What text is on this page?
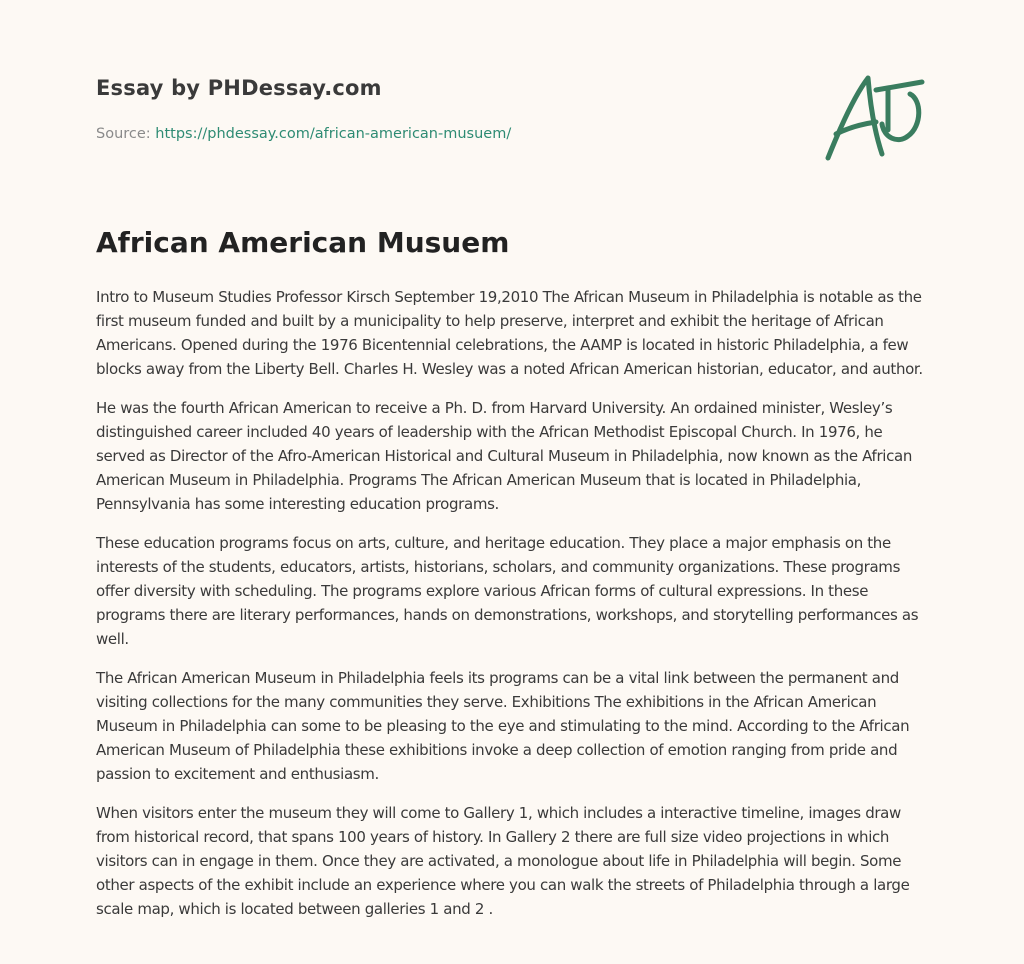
Essay by PHDessay.com
Source: https://phdessay.com/african-american-musuem/
African American Musuem

Intro to Museum Studies Professor Kirsch September 19,2010 The African Museum in Philadelphia is notable as the first museum funded and built by a municipality to help preserve, interpret and exhibit the heritage of African Americans. Opened during the 1976 Bicentennial celebrations, the AAMP is located in historic Philadelphia, a few blocks away from the Liberty Bell. Charles H. Wesley was a noted African American historian, educator, and author.

He was the fourth African American to receive a Ph. D. from Harvard University. An ordained minister, Wesley’s distinguished career included 40 years of leadership with the African Methodist Episcopal Church. In 1976, he served as Director of the Afro-American Historical and Cultural Museum in Philadelphia, now known as the African American Museum in Philadelphia. Programs The African American Museum that is located in Philadelphia, Pennsylvania has some interesting education programs.

These education programs focus on arts, culture, and heritage education. They place a major emphasis on the interests of the students, educators, artists, historians, scholars, and community organizations. These programs offer diversity with scheduling. The programs explore various African forms of cultural expressions. In these programs there are literary performances, hands on demonstrations, workshops, and storytelling performances as well.

The African American Museum in Philadelphia feels its programs can be a vital link between the permanent and visiting collections for the many communities they serve. Exhibitions The exhibitions in the African American Museum in Philadelphia can some to be pleasing to the eye and stimulating to the mind. According to the African American Museum of Philadelphia these exhibitions invoke a deep collection of emotion ranging from pride and passion to excitement and enthusiasm.

When visitors enter the museum they will come to Gallery 1, which includes a interactive timeline, images draw from historical record, that spans 100 years of history. In Gallery 2 there are full size video projections in which visitors can in engage in them. Once they are activated, a monologue about life in Philadelphia will begin. Some other aspects of the exhibit include an experience where you can walk the streets of Philadelphia through a large scale map, which is located between galleries 1 and 2 .
